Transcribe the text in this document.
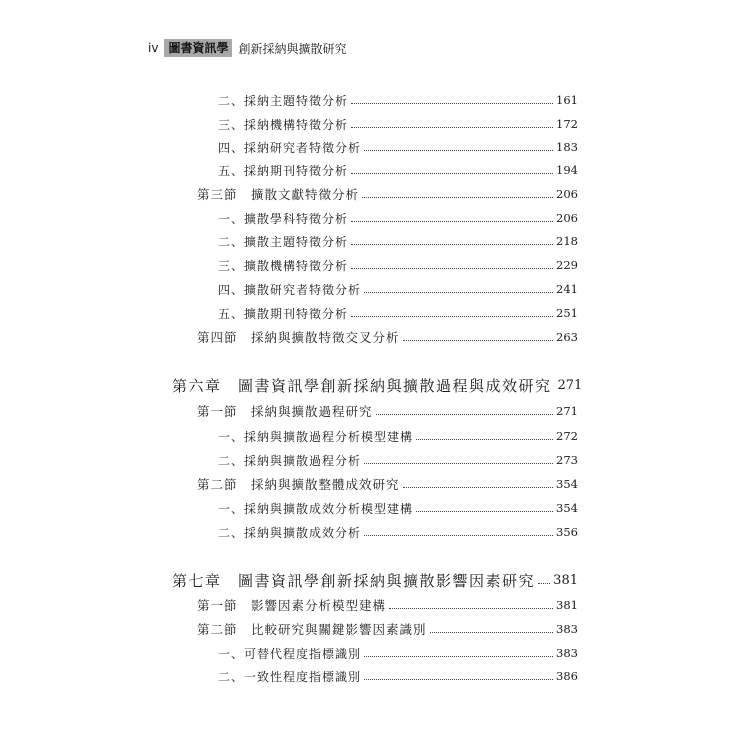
iv 圖書資訊學 創新採納與擴散研究
二、採納主題特徵分析	161
三、採納機構特徵分析	172
四、採納研究者特徵分析	183
五、採納期刊特徵分析	194
第三節　擴散文獻特徵分析	206
一、擴散學科特徵分析	206
二、擴散主題特徵分析	218
三、擴散機構特徵分析	229
四、擴散研究者特徵分析	241
五、擴散期刊特徵分析	251
第四節　採納與擴散特徵交叉分析	263
第六章　圖書資訊學創新採納與擴散過程與成效研究 271
第一節　採納與擴散過程研究	271
一、採納與擴散過程分析模型建構	272
二、採納與擴散過程分析	273
第二節　採納與擴散整體成效研究	354
一、採納與擴散成效分析模型建構	354
二、採納與擴散成效分析	356
第七章　圖書資訊學創新採納與擴散影響因素研究 381
第一節　影響因素分析模型建構	381
第二節　比較研究與關鍵影響因素識別	383
一、可替代程度指標識別	383
二、一致性程度指標識別	386
